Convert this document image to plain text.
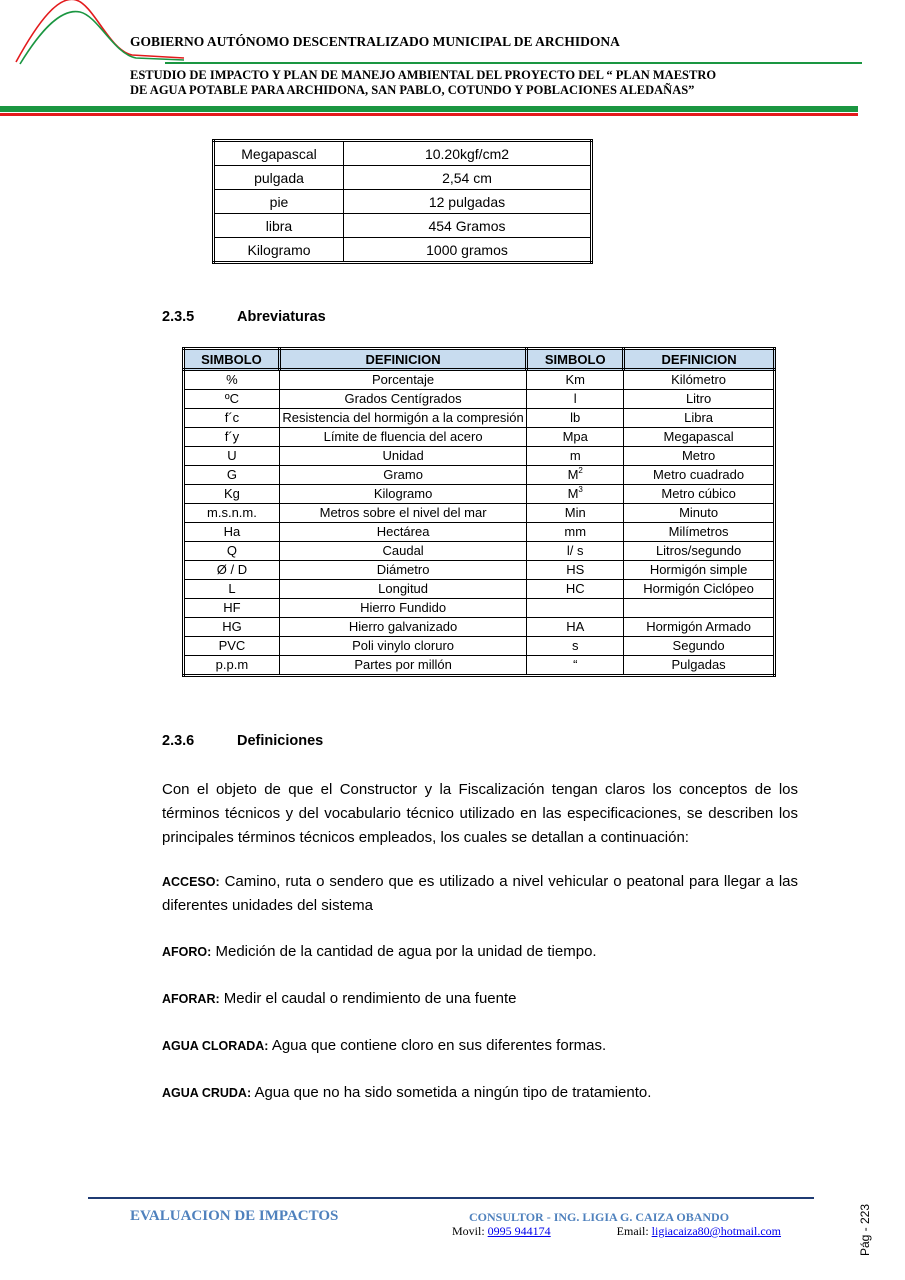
GOBIERNO AUTÓNOMO DESCENTRALIZADO MUNICIPAL DE ARCHIDONA
ESTUDIO DE IMPACTO Y PLAN DE MANEJO AMBIENTAL DEL PROYECTO DEL “ PLAN MAESTRO
DE AGUA POTABLE PARA ARCHIDONA, SAN PABLO, COTUNDO Y POBLACIONES ALEDAÑAS”
Megapascal	10.20kgf/cm2
pulgada	2,54 cm
pie	12 pulgadas
libra	454 Gramos
Kilogramo	1000 gramos
2.3.5	Abreviaturas
SIMBOLO	DEFINICION	SIMBOLO	DEFINICION
%	Porcentaje	Km	Kilómetro
ºC	Grados Centígrados	l	Litro
f´c	Resistencia del hormigón a la compresión	lb	Libra
f´y	Límite de fluencia del acero	Mpa	Megapascal
U	Unidad	m	Metro
G	Gramo	$M^2$	Metro cuadrado
Kg	Kilogramo	$M^3$	Metro cúbico
m.s.n.m.	Metros sobre el nivel del mar	Min	Minuto
Ha	Hectárea	mm	Milímetros
Q	Caudal	l/ s	Litros/segundo
Ø / D	Diámetro	HS	Hormigón simple
L	Longitud	HC	Hormigón Ciclópeo
HF	Hierro Fundido		
HG	Hierro galvanizado	HA	Hormigón Armado
PVC	Poli vinylo cloruro	s	Segundo
p.p.m	Partes por millón	“	Pulgadas
2.3.6	Definiciones
Con el objeto de que el Constructor y la Fiscalización tengan claros los conceptos de los términos técnicos y del vocabulario técnico utilizado en las especificaciones, se describen los principales términos técnicos empleados, los cuales se detallan a continuación:
ACCESO: Camino, ruta o sendero que es utilizado a nivel vehicular o peatonal para llegar a las diferentes unidades del sistema
AFORO: Medición de la cantidad de agua por la unidad de tiempo.
AFORAR: Medir el caudal o rendimiento de una fuente
AGUA CLORADA: Agua que contiene cloro en sus diferentes formas.
AGUA CRUDA: Agua que no ha sido sometida a ningún tipo de tratamiento.
EVALUACION DE IMPACTOS	CONSULTOR - ING. LIGIA G. CAIZA OBANDO
Movil: 0995 944174	Email: ligiacaiza80@hotmail.com	Pág - 223
